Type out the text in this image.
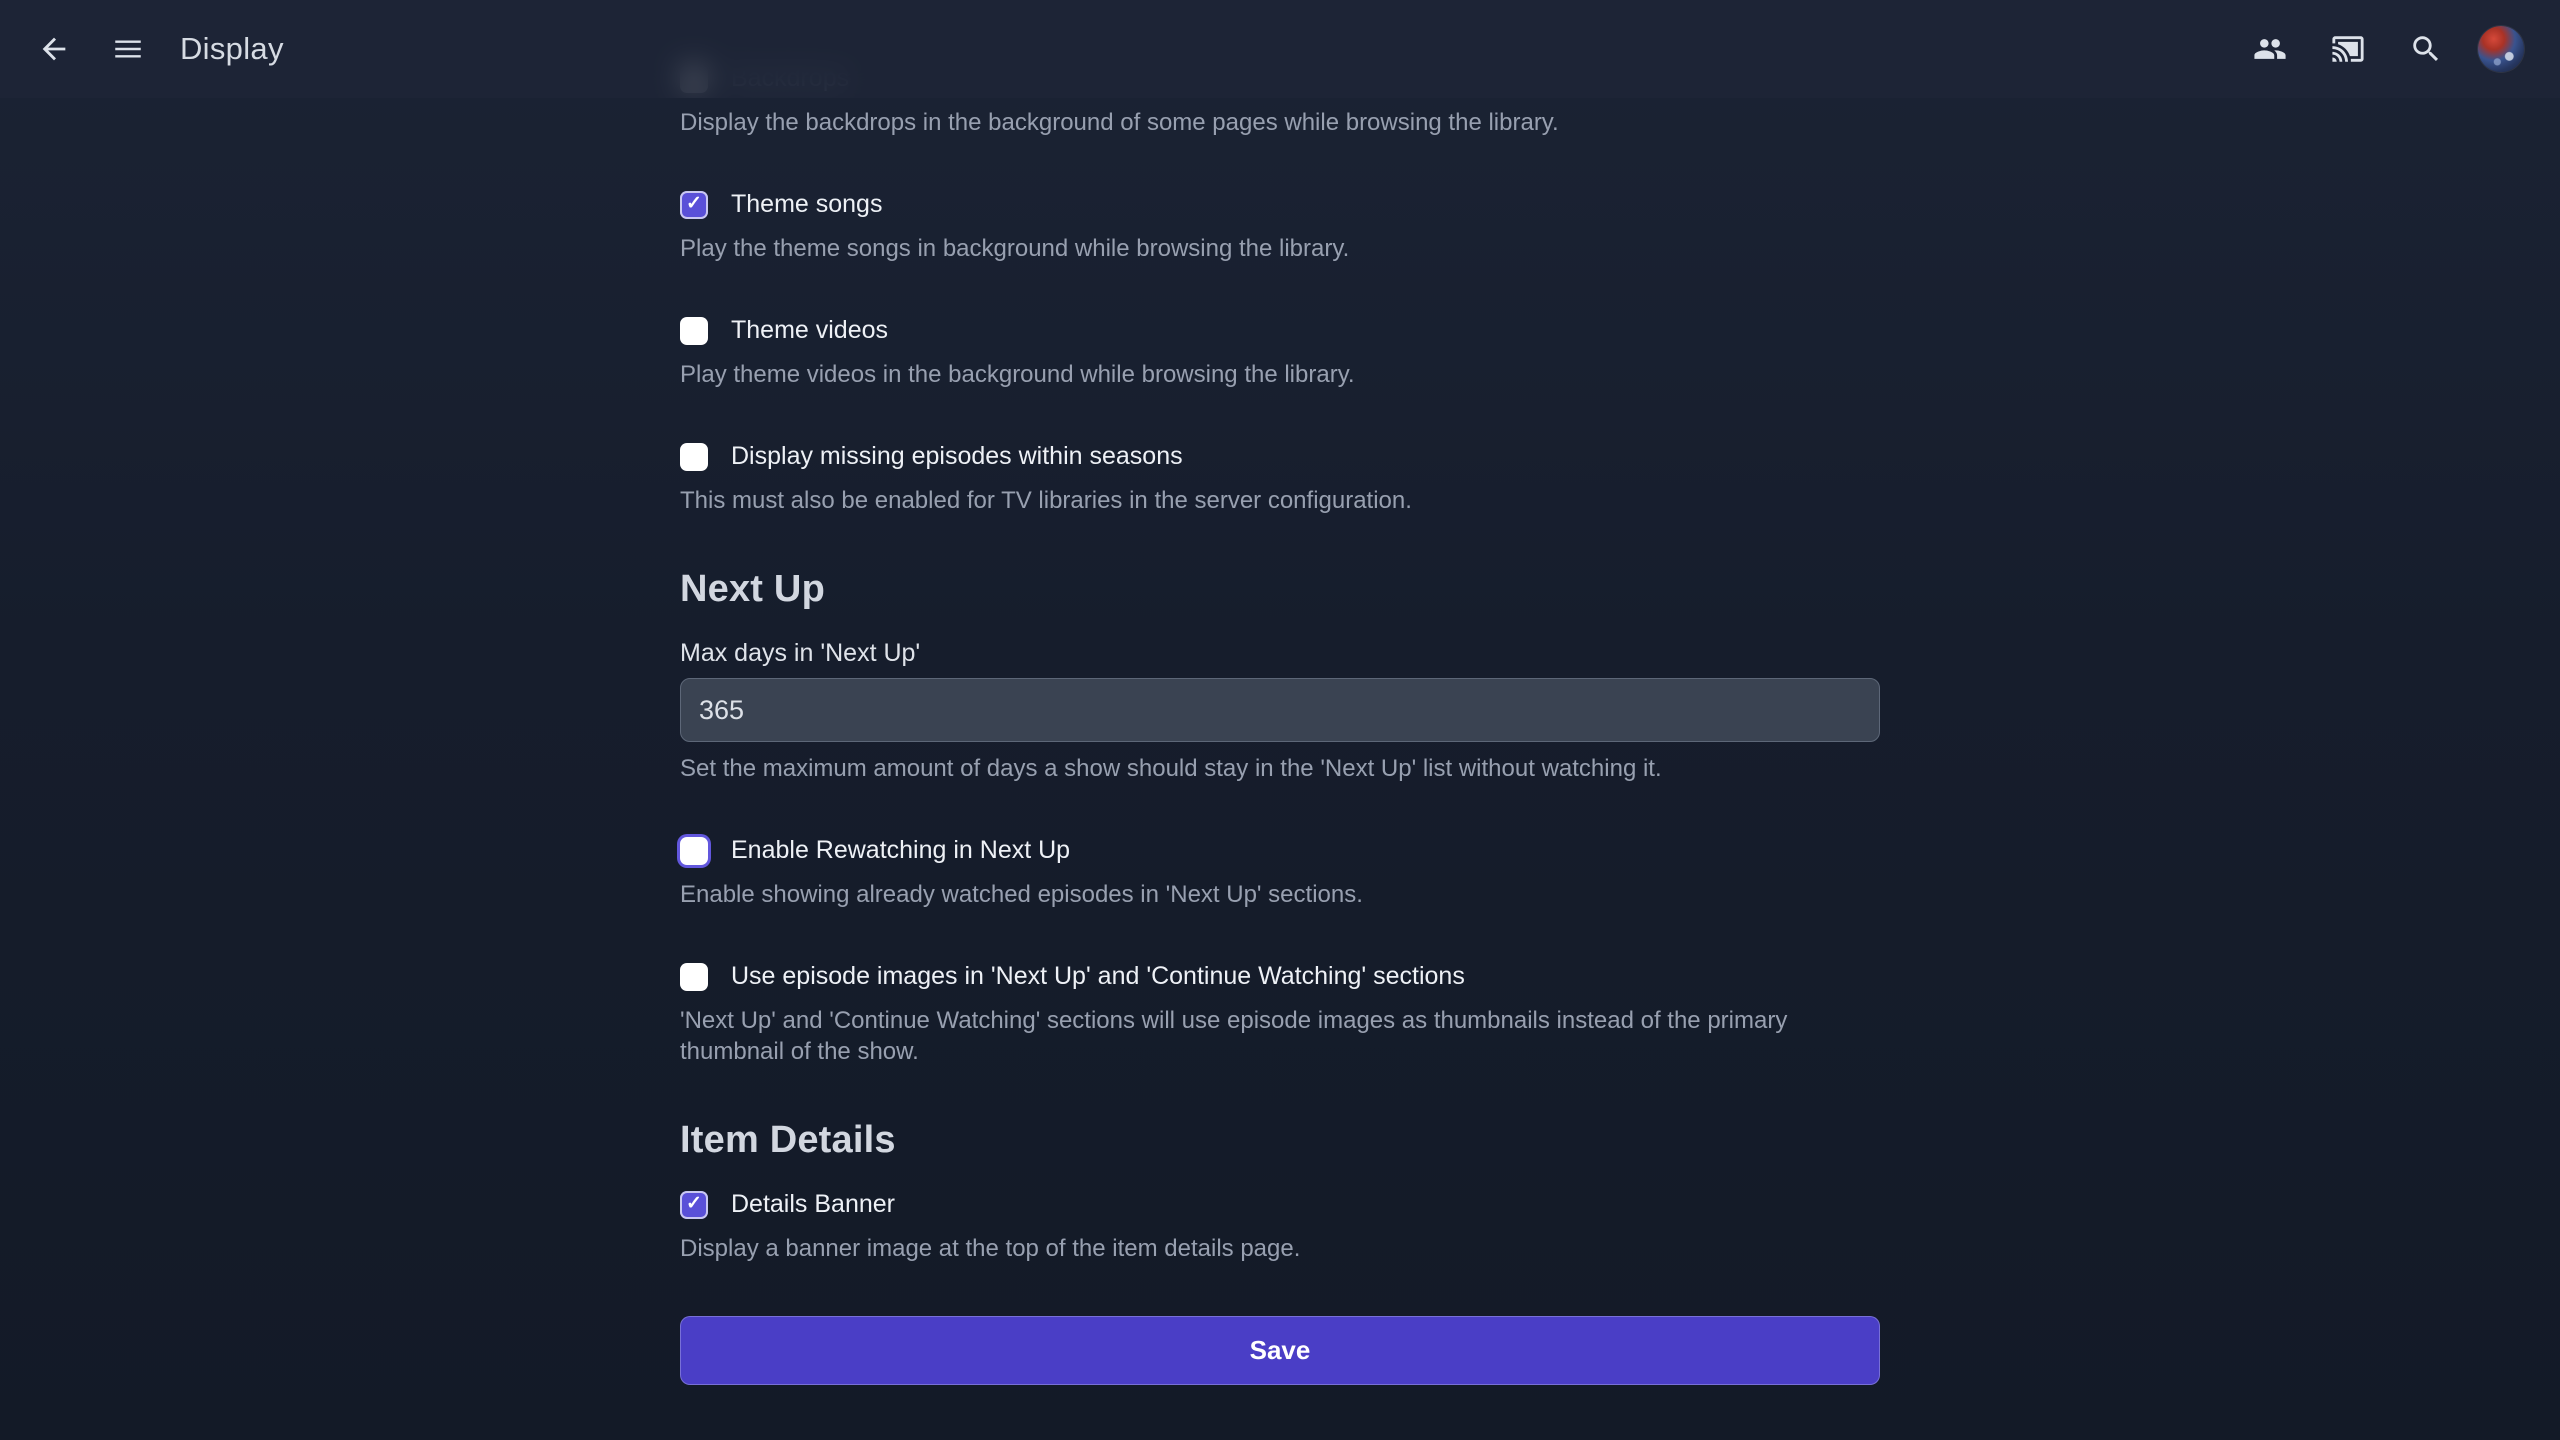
Display the backdrops in the background of some pages while browsing the library.
✓ Theme songs
Play the theme songs in background while browsing the library.
Theme videos
Play theme videos in the background while browsing the library.
Display missing episodes within seasons
This must also be enabled for TV libraries in the server configuration.
Next Up
Max days in 'Next Up'
365
Set the maximum amount of days a show should stay in the 'Next Up' list without watching it.
Enable Rewatching in Next Up
Enable showing already watched episodes in 'Next Up' sections.
Use episode images in 'Next Up' and 'Continue Watching' sections
'Next Up' and 'Continue Watching' sections will use episode images as thumbnails instead of the primary thumbnail of the show.
Item Details
✓ Details Banner
Display a banner image at the top of the item details page.
Save
Display
